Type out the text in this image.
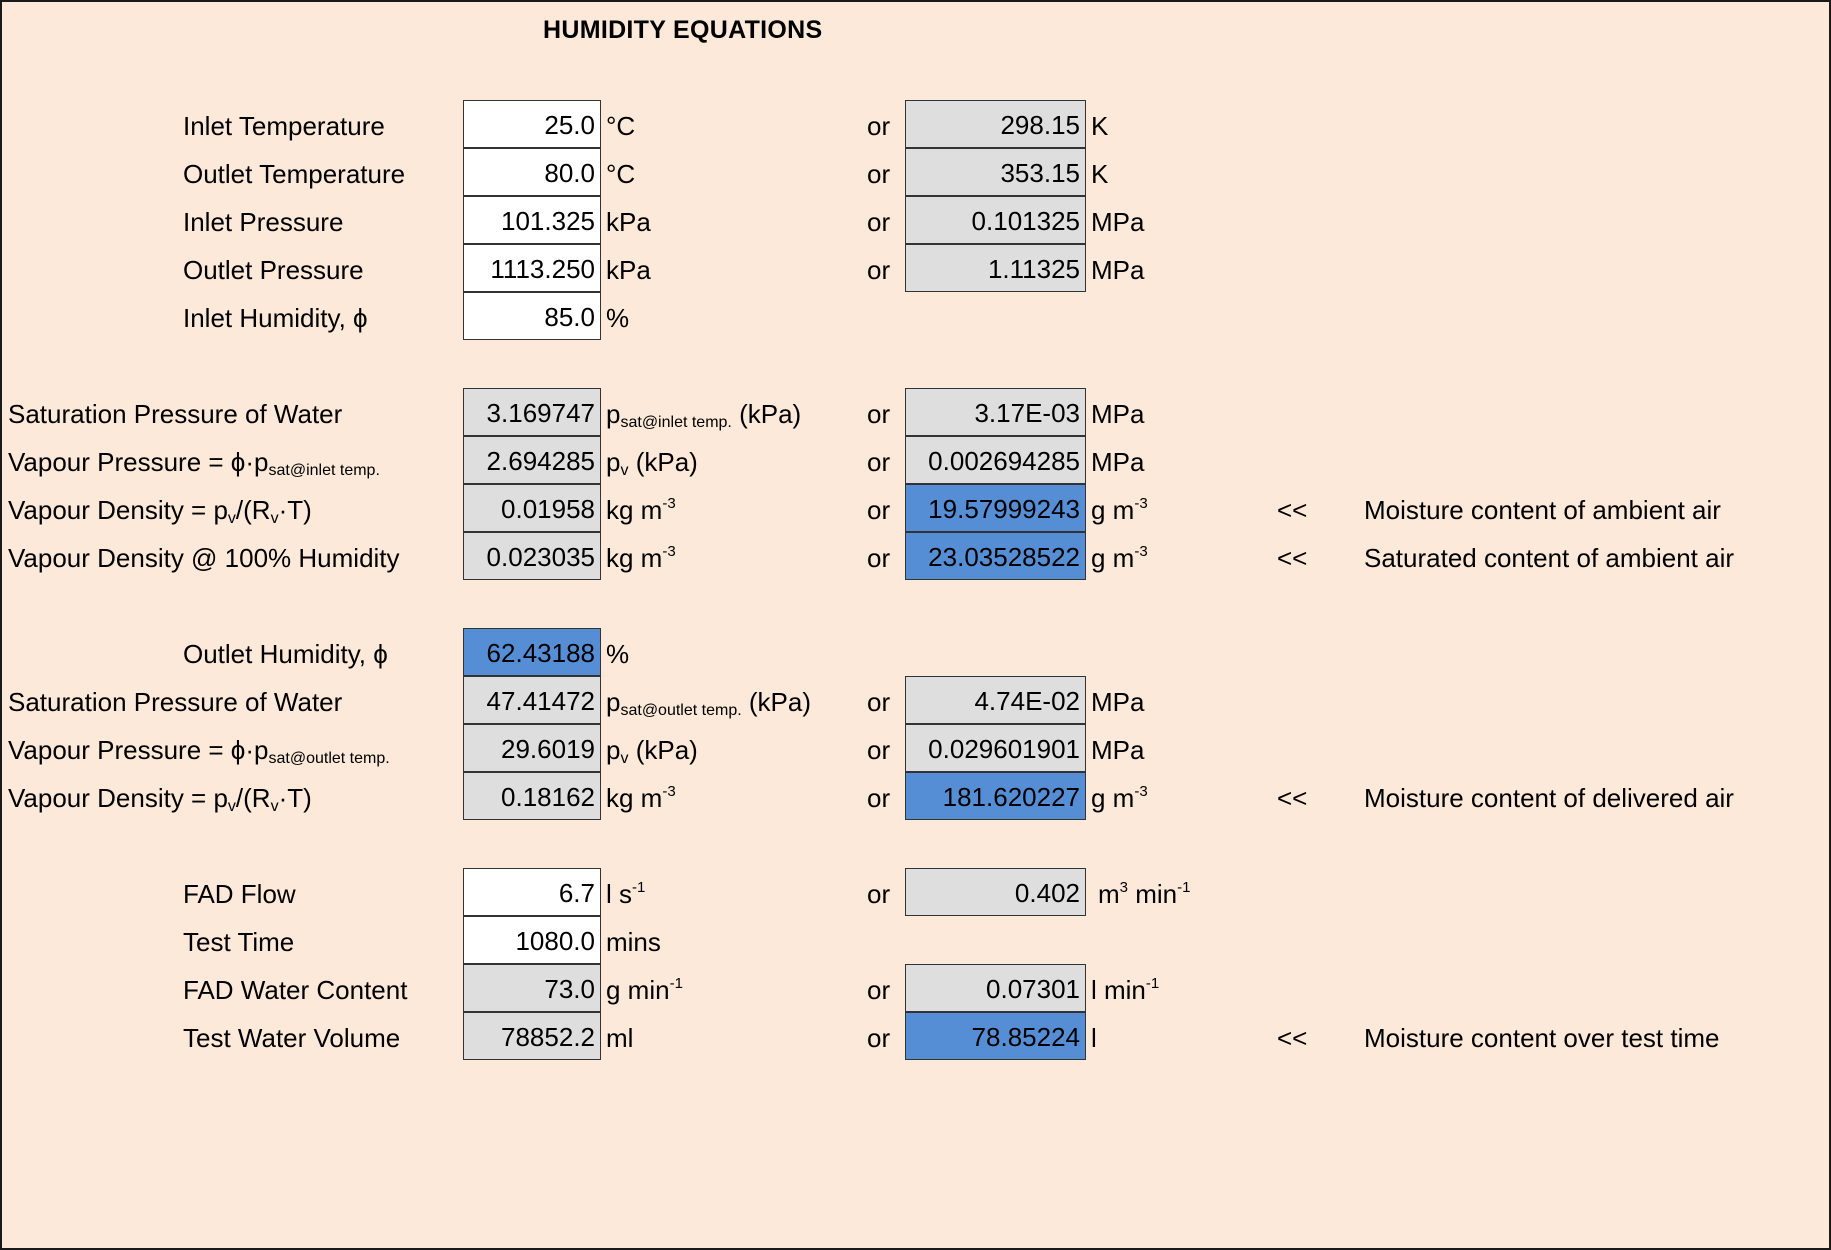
HUMIDITY EQUATIONS
Inlet Temperature	25.0 °C	or	298.15 K
Outlet Temperature	80.0 °C	or	353.15 K
Inlet Pressure	101.325 kPa	or	0.101325 MPa
Outlet Pressure	1113.250 kPa	or	1.11325 MPa
Inlet Humidity, ϕ	85.0 %
Saturation Pressure of Water	3.169747 $p_{sat@inlet temp.}$ (kPa)	or	3.17E-03 MPa
Vapour Pressure = $\phi\cdot p_{sat@inlet temp.}$	2.694285 $p_v$ (kPa)	or	0.002694285 MPa
Vapour Density = $p_v/(R_v\cdot T)$	0.01958 kg $m^{-3}$	or	19.57999243 g $m^{-3}$	<< Moisture content of ambient air
Vapour Density @ 100% Humidity	0.023035 kg $m^{-3}$	or	23.03528522 g $m^{-3}$	<< Saturated content of ambient air
Outlet Humidity, ϕ	62.43188 %
Saturation Pressure of Water	47.41472 $p_{sat@outlet temp.}$ (kPa) or	4.74E-02 MPa
Vapour Pressure = $\phi\cdot p_{sat@outlet temp.}$	29.6019 $p_v$ (kPa)	or	0.029601901 MPa
Vapour Density = $p_v/(R_v\cdot T)$	0.18162 kg $m^{-3}$	or	181.620227 g $m^{-3}$	<< Moisture content of delivered air
FAD Flow	6.7 l $s^{-1}$	or	0.402 $m^3$ $\min^{-1}$
Test Time	1080.0 mins
FAD Water Content	73.0 g $\min^{-1}$	or	0.07301 l $\min^{-1}$
Test Water Volume	78852.2 ml	or	78.85224 l	<< Moisture content over test time
